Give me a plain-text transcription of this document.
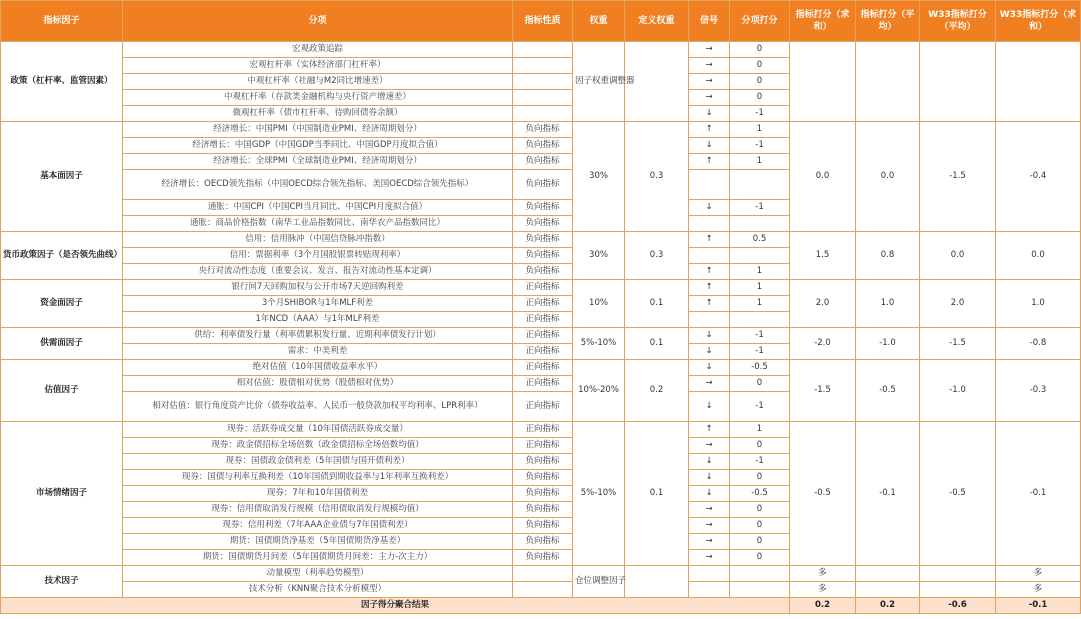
指标因子	分项	指标性质	权重	定义权重	信号	分项打分	指标打分（求和）	指标打分（平均）	W33指标打分（平均）	W33指标打分（求和）
政策（杠杆率、监管因素）	宏观政策追踪		因子权重调整器		→	0				
	宏观杠杆率（实体经济部门杠杆率）				→	0				
	中观杠杆率（社融与M2同比增速差）				→	0				
	中观杠杆率（存款类金融机构与央行资产增速差）				→	0				
	微观杠杆率（债市杠杆率、待购回债券余额）				↓	-1				
基本面因子	经济增长：中国PMI（中国制造业PMI、经济周期划分）	负向指标	30%	0.3	↑	1	0.0	0.0	-1.5	-0.4
	经济增长：中国GDP（中国GDP当季同比、中国GDP月度拟合值）	负向指标			↓	-1				
	经济增长：全球PMI（全球制造业PMI、经济周期划分）	负向指标			↑	1				
	经济增长：OECD领先指标（中国OECD综合领先指标、美国OECD综合领先指标）	负向指标								
	通胀：中国CPI（中国CPI当月同比、中国CPI月度拟合值）	负向指标			↓	-1				
	通胀：商品价格指数（南华工业品指数同比、南华农产品指数同比）	负向指标								
货币政策因子（是否领先曲线）	信用：信用脉冲（中国信贷脉冲指数）	负向指标	30%	0.3	↑	0.5	1.5	0.8	0.0	0.0
	信用：票据利率（3个月国股银票转贴现利率）	负向指标								
	央行对流动性态度（重要会议、发言、报告对流动性基本定调）	负向指标			↑	1				
资金面因子	银行间7天回购加权与公开市场7天逆回购利差	正向指标	10%	0.1	↑	1	2.0	1.0	2.0	1.0
	3个月SHIBOR与1年MLF利差	正向指标			↑	1				
	1年NCD（AAA）与1年MLF利差	正向指标								
供需面因子	供给：利率债发行量（利率债累积发行量、近期利率债发行计划）	正向指标	5%-10%	0.1	↓	-1	-2.0	-1.0	-1.5	-0.8
	需求：中美利差	正向指标			↓	-1				
估值因子	绝对估值（10年国债收益率水平）	正向指标	10%-20%	0.2	↓	-0.5	-1.5	-0.5	-1.0	-0.3
	相对估值：股债相对优势（股债相对优势）	正向指标			→	0				
	相对估值：银行角度资产比价（债券收益率、人民币一般贷款加权平均利率、LPR利率）	正向指标			↓	-1				
市场情绪因子	现券：活跃券成交量（10年国债活跃券成交量）	正向指标	5%-10%	0.1	↑	1	-0.5	-0.1	-0.5	-0.1
	现券：政金债招标全场倍数（政金债招标全场倍数均值）	正向指标			→	0				
	现券：国债政金债利差（5年国债与国开债利差）	负向指标			↓	-1				
	现券：国债与利率互换利差（10年国债到期收益率与1年利率互换利差）	负向指标			↓	0				
	现券：7年和10年国债利差	负向指标			↓	-0.5				
	现券：信用债取消发行规模（信用债取消发行规模均值）	负向指标			→	0				
	现券：信用利差（7年AAA企业债与7年国债利差）	负向指标			→	0				
	期货：国债期货净基差（5年国债期货净基差）	负向指标			→	0				
	期货：国债期货月间差（5年国债期货月间差：主力-次主力）	负向指标			→	0				
技术因子	动量模型（利率趋势模型）		仓位调整因子				多			多
	技术分析（KNN聚合技术分析模型）						多			多
因子得分聚合结果							0.2	0.2	-0.6	-0.1
